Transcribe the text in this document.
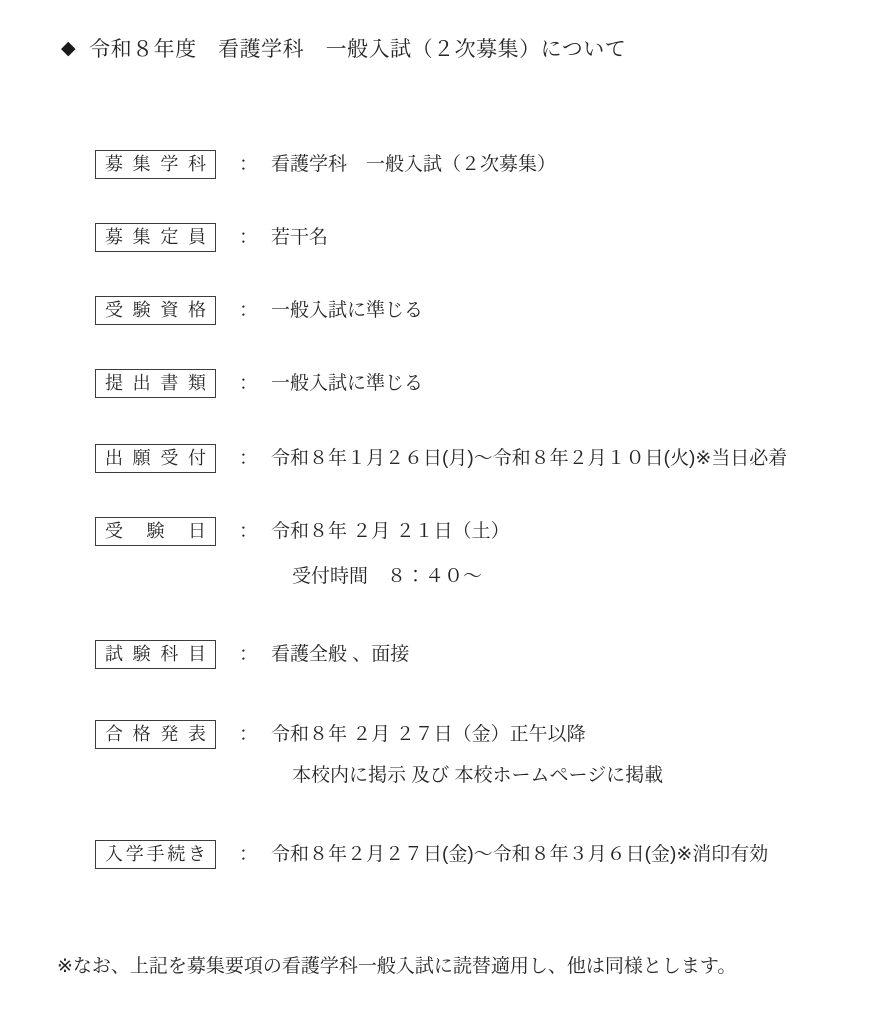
◆ 令和８年度　看護学科　一般入試（２次募集）について
募集学科 ： 看護学科　一般入試（２次募集）
募集定員 ： 若干名
受験資格 ： 一般入試に準じる
提出書類 ： 一般入試に準じる
出願受付 ： 令和８年１月２６日(月)～令和８年２月１０日(火)※当日必着
受験日 ： 令和８年 ２月 ２１日（土）
受付時間　８：４０～
試験科目 ： 看護全般 、面接
合格発表 ： 令和８年 ２月 ２７日（金）正午以降
本校内に掲示 及び 本校ホームページに掲載
入学手続き ： 令和８年２月２７日(金)～令和８年３月６日(金)※消印有効
※なお、上記を募集要項の看護学科一般入試に読替適用し、他は同様とします。
